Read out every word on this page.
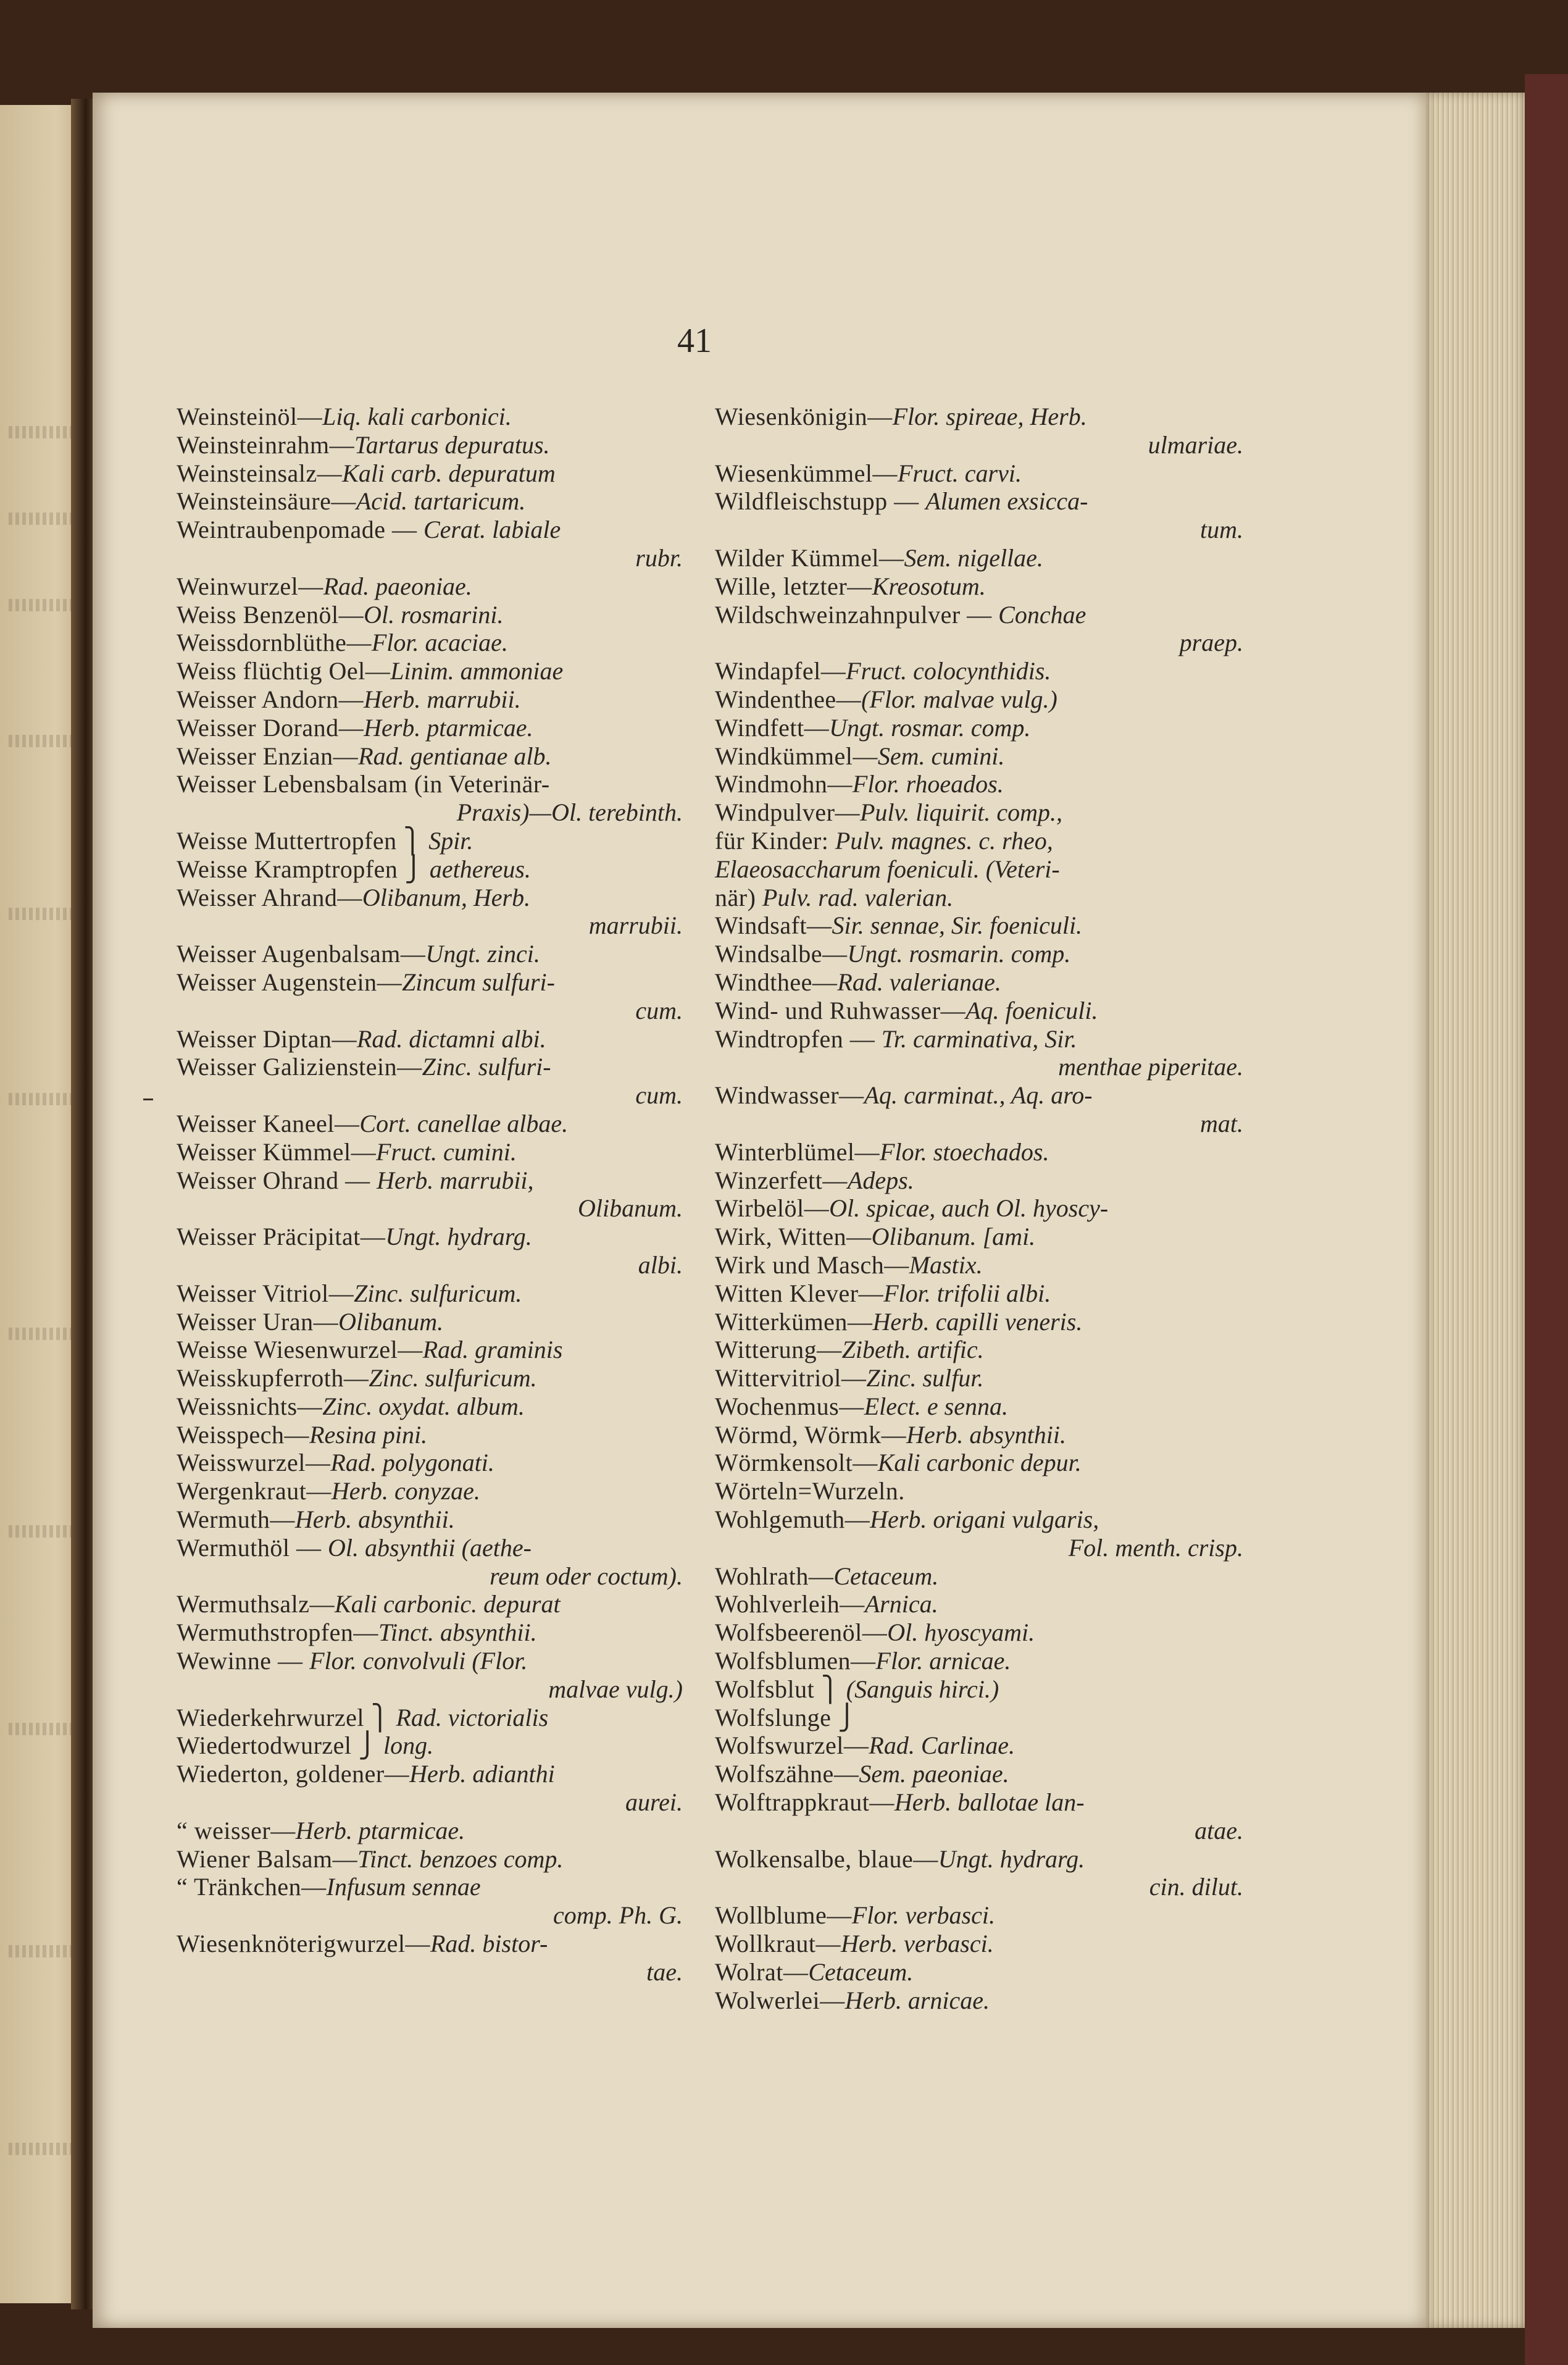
41
Weinsteinöl—Liq. kali carbonici.
Weinsteinrahm—Tartarus depuratus.
Weinsteinsalz—Kali carb. depuratum
Weinsteinsäure—Acid. tartaricum.
Weintraubenpomade — Cerat. labiale
rubr.
Weinwurzel—Rad. paeoniae.
Weiss Benzenöl—Ol. rosmarini.
Weissdornblüthe—Flor. acaciae.
Weiss flüchtig Oel—Linim. ammoniae
Weisser Andorn—Herb. marrubii.
Weisser Dorand—Herb. ptarmicae.
Weisser Enzian—Rad. gentianae alb.
Weisser Lebensbalsam (in Veterinär-
Praxis)—Ol. terebinth.
Weisse Muttertropfen ⎫ Spir.
Weisse Kramptropfen ⎭ aethereus.
Weisser Ahrand—Olibanum, Herb.
marrubii.
Weisser Augenbalsam—Ungt. zinci.
Weisser Augenstein—Zincum sulfuri-
cum.
Weisser Diptan—Rad. dictamni albi.
Weisser Galizienstein—Zinc. sulfuri-
cum.
Weisser Kaneel—Cort. canellae albae.
Weisser Kümmel—Fruct. cumini.
Weisser Ohrand — Herb. marrubii,
Olibanum.
Weisser Präcipitat—Ungt. hydrarg.
albi.
Weisser Vitriol—Zinc. sulfuricum.
Weisser Uran—Olibanum.
Weisse Wiesenwurzel—Rad. graminis
Weisskupferroth—Zinc. sulfuricum.
Weissnichts—Zinc. oxydat. album.
Weisspech—Resina pini.
Weisswurzel—Rad. polygonati.
Wergenkraut—Herb. conyzae.
Wermuth—Herb. absynthii.
Wermuthöl — Ol. absynthii (aethe-
reum oder coctum).
Wermuthsalz—Kali carbonic. depurat
Wermuthstropfen—Tinct. absynthii.
Wewinne — Flor. convolvuli (Flor.
malvae vulg.)
Wiederkehrwurzel ⎫ Rad. victorialis
Wiedertodwurzel ⎭ long.
Wiederton, goldener—Herb. adianthi
aurei.
“ weisser—Herb. ptarmicae.
Wiener Balsam—Tinct. benzoes comp.
“ Tränkchen—Infusum sennae
comp. Ph. G.
Wiesenknöterigwurzel—Rad. bistor-
tae.
Wiesenkönigin—Flor. spireae, Herb.
ulmariae.
Wiesenkümmel—Fruct. carvi.
Wildfleischstupp — Alumen exsicca-
tum.
Wilder Kümmel—Sem. nigellae.
Wille, letzter—Kreosotum.
Wildschweinzahnpulver — Conchae
praep.
Windapfel—Fruct. colocynthidis.
Windenthee—(Flor. malvae vulg.)
Windfett—Ungt. rosmar. comp.
Windkümmel—Sem. cumini.
Windmohn—Flor. rhoeados.
Windpulver—Pulv. liquirit. comp.,
für Kinder: Pulv. magnes. c. rheo,
Elaeosaccharum foeniculi. (Veteri-
när) Pulv. rad. valerian.
Windsaft—Sir. sennae, Sir. foeniculi.
Windsalbe—Ungt. rosmarin. comp.
Windthee—Rad. valerianae.
Wind- und Ruhwasser—Aq. foeniculi.
Windtropfen — Tr. carminativa, Sir.
menthae piperitae.
Windwasser—Aq. carminat., Aq. aro-
mat.
Winterblümel—Flor. stoechados.
Winzerfett—Adeps.
Wirbelöl—Ol. spicae, auch Ol. hyoscy-
Wirk, Witten—Olibanum. [ami.
Wirk und Masch—Mastix.
Witten Klever—Flor. trifolii albi.
Witterkümen—Herb. capilli veneris.
Witterung—Zibeth. artific.
Wittervitriol—Zinc. sulfur.
Wochenmus—Elect. e senna.
Wörmd, Wörmk—Herb. absynthii.
Wörmkensolt—Kali carbonic depur.
Wörteln=Wurzeln.
Wohlgemuth—Herb. origani vulgaris,
Fol. menth. crisp.
Wohlrath—Cetaceum.
Wohlverleih—Arnica.
Wolfsbeerenöl—Ol. hyoscyami.
Wolfsblumen—Flor. arnicae.
Wolfsblut ⎫ (Sanguis hirci.)
Wolfslunge ⎭
Wolfswurzel—Rad. Carlinae.
Wolfszähne—Sem. paeoniae.
Wolftrappkraut—Herb. ballotae lan-
atae.
Wolkensalbe, blaue—Ungt. hydrarg.
cin. dilut.
Wollblume—Flor. verbasci.
Wollkraut—Herb. verbasci.
Wolrat—Cetaceum.
Wolwerlei—Herb. arnicae.
